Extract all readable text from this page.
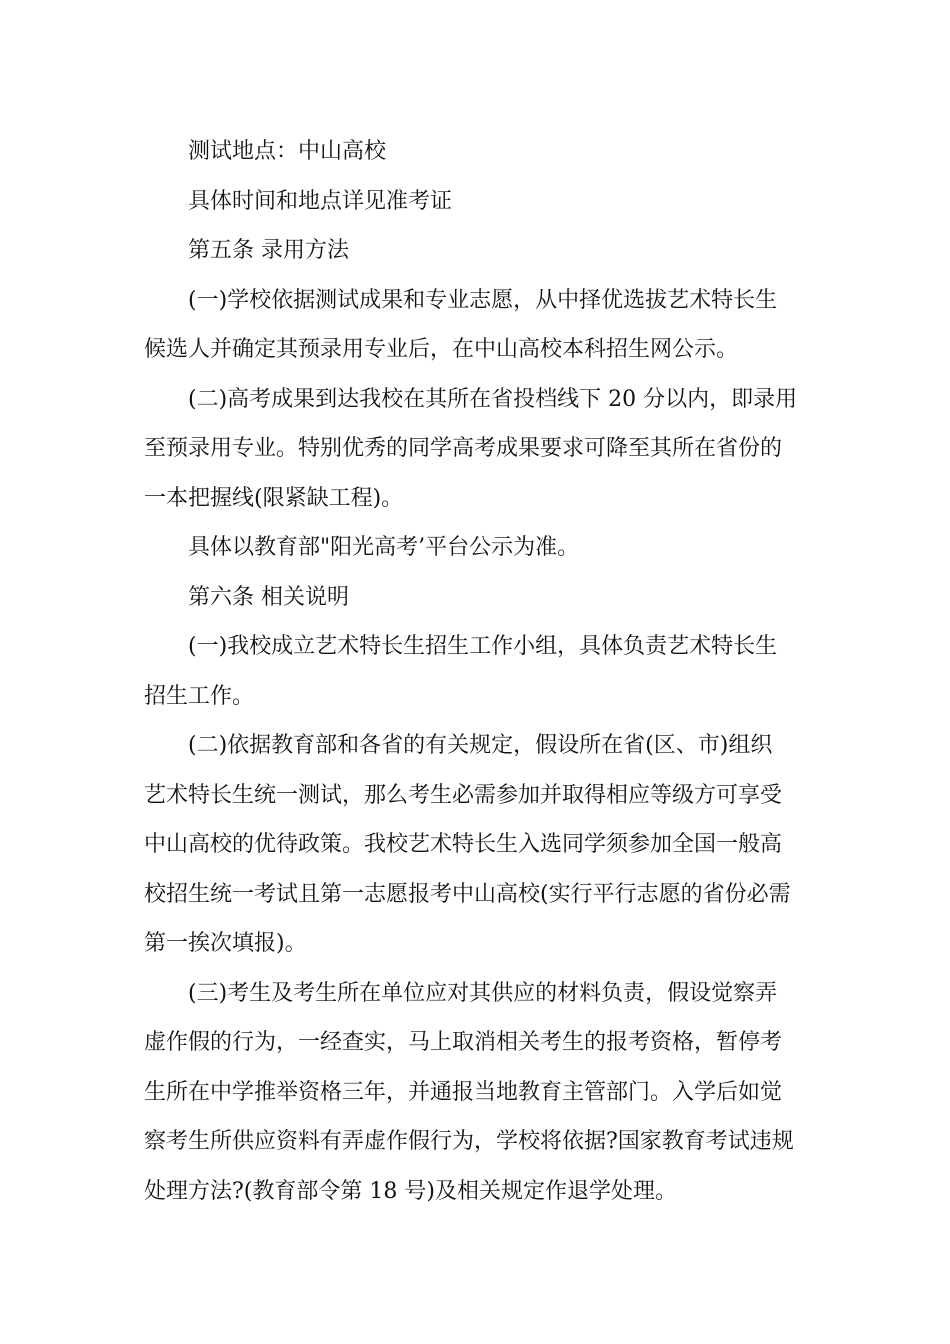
测试地点：中山高校

具体时间和地点详见准考证

第五条 录用方法

(一)学校依据测试成果和专业志愿，从中择优选拔艺术特长生
候选人并确定其预录用专业后，在中山高校本科招生网公示。

(二)高考成果到达我校在其所在省投档线下 20 分以内，即录用
至预录用专业。特别优秀的同学高考成果要求可降至其所在省份的
一本把握线(限紧缺工程)。

具体以教育部"阳光高考’平台公示为准。

第六条 相关说明

(一)我校成立艺术特长生招生工作小组，具体负责艺术特长生
招生工作。

(二)依据教育部和各省的有关规定，假设所在省(区、市)组织
艺术特长生统一测试，那么考生必需参加并取得相应等级方可享受
中山高校的优待政策。我校艺术特长生入选同学须参加全国一般高
校招生统一考试且第一志愿报考中山高校(实行平行志愿的省份必需
第一挨次填报)。

(三)考生及考生所在单位应对其供应的材料负责，假设觉察弄
虚作假的行为，一经查实，马上取消相关考生的报考资格，暂停考
生所在中学推举资格三年，并通报当地教育主管部门。入学后如觉
察考生所供应资料有弄虚作假行为，学校将依据?国家教育考试违规
处理方法?(教育部令第 18 号)及相关规定作退学处理。
